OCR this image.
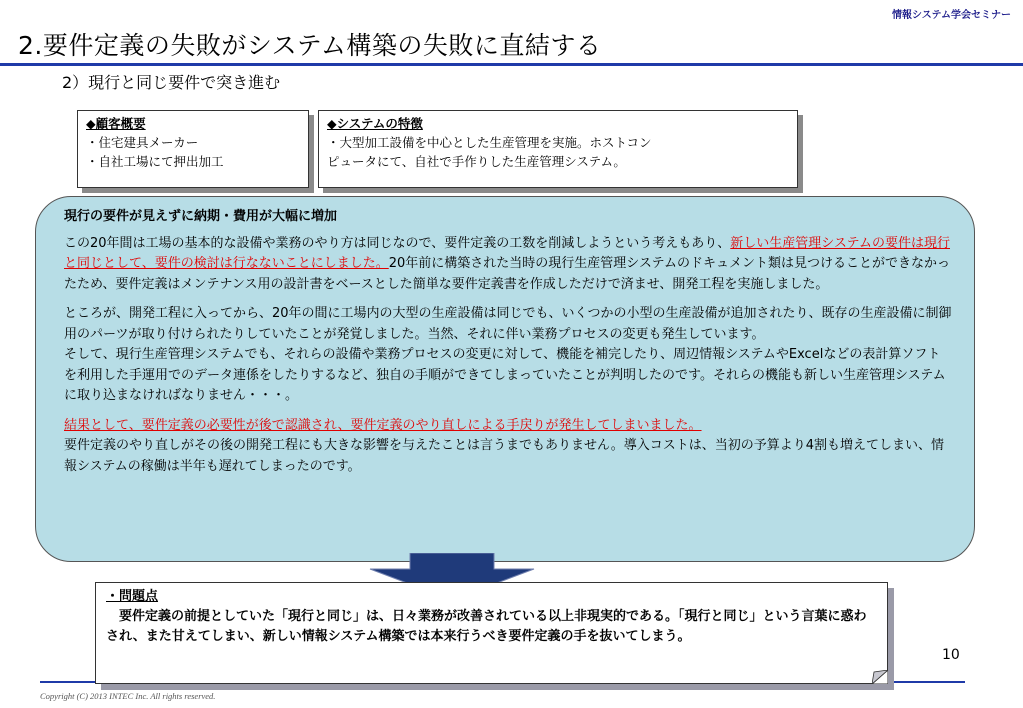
情報システム学会セミナー
2.要件定義の失敗がシステム構築の失敗に直結する
2）現行と同じ要件で突き進む
◆顧客概要
・住宅建具メーカー
・自社工場にて押出加工
◆システムの特徴
・大型加工設備を中心とした生産管理を実施。ホストコン
ピュータにて、自社で手作りした生産管理システム。

現行の要件が見えずに納期・費用が大幅に増加

この20年間は工場の基本的な設備や業務のやり方は同じなので、要件定義の工数を削減しようという考えもあり、新しい生産管理システムの要件は現行と同じとして、要件の検討は行なないことにしました。20年前に構築された当時の現行生産管理システムのドキュメント類は見つけることができなかったため、要件定義はメンテナンス用の設計書をベースとした簡単な要件定義書を作成しただけで済ませ、開発工程を実施しました。

ところが、開発工程に入ってから、20年の間に工場内の大型の生産設備は同じでも、いくつかの小型の生産設備が追加されたり、既存の生産設備に制御用のパーツが取り付けられたりしていたことが発覚しました。当然、それに伴い業務プロセスの変更も発生しています。

そして、現行生産管理システムでも、それらの設備や業務プロセスの変更に対して、機能を補完したり、周辺情報システムやExcelなどの表計算ソフトを利用した手運用でのデータ連係をしたりするなど、独自の手順ができてしまっていたことが判明したのです。それらの機能も新しい生産管理システムに取り込まなければなりません・・・。

結果として、要件定義の必要性が後で認識され、要件定義のやり直しによる手戻りが発生してしまいました。
要件定義のやり直しがその後の開発工程にも大きな影響を与えたことは言うまでもありません。導入コストは、当初の予算より4割も増えてしまい、情報システムの稼働は半年も遅れてしまったのです。

・問題点
要件定義の前提としていた「現行と同じ」は、日々業務が改善されている以上非現実的である。「現行と同じ」という言葉に惑わされ、また甘えてしまい、新しい情報システム構築では本来行うべき要件定義の手を抜いてしまう。
10
Copyright (C) 2013 INTEC Inc. All rights reserved.
